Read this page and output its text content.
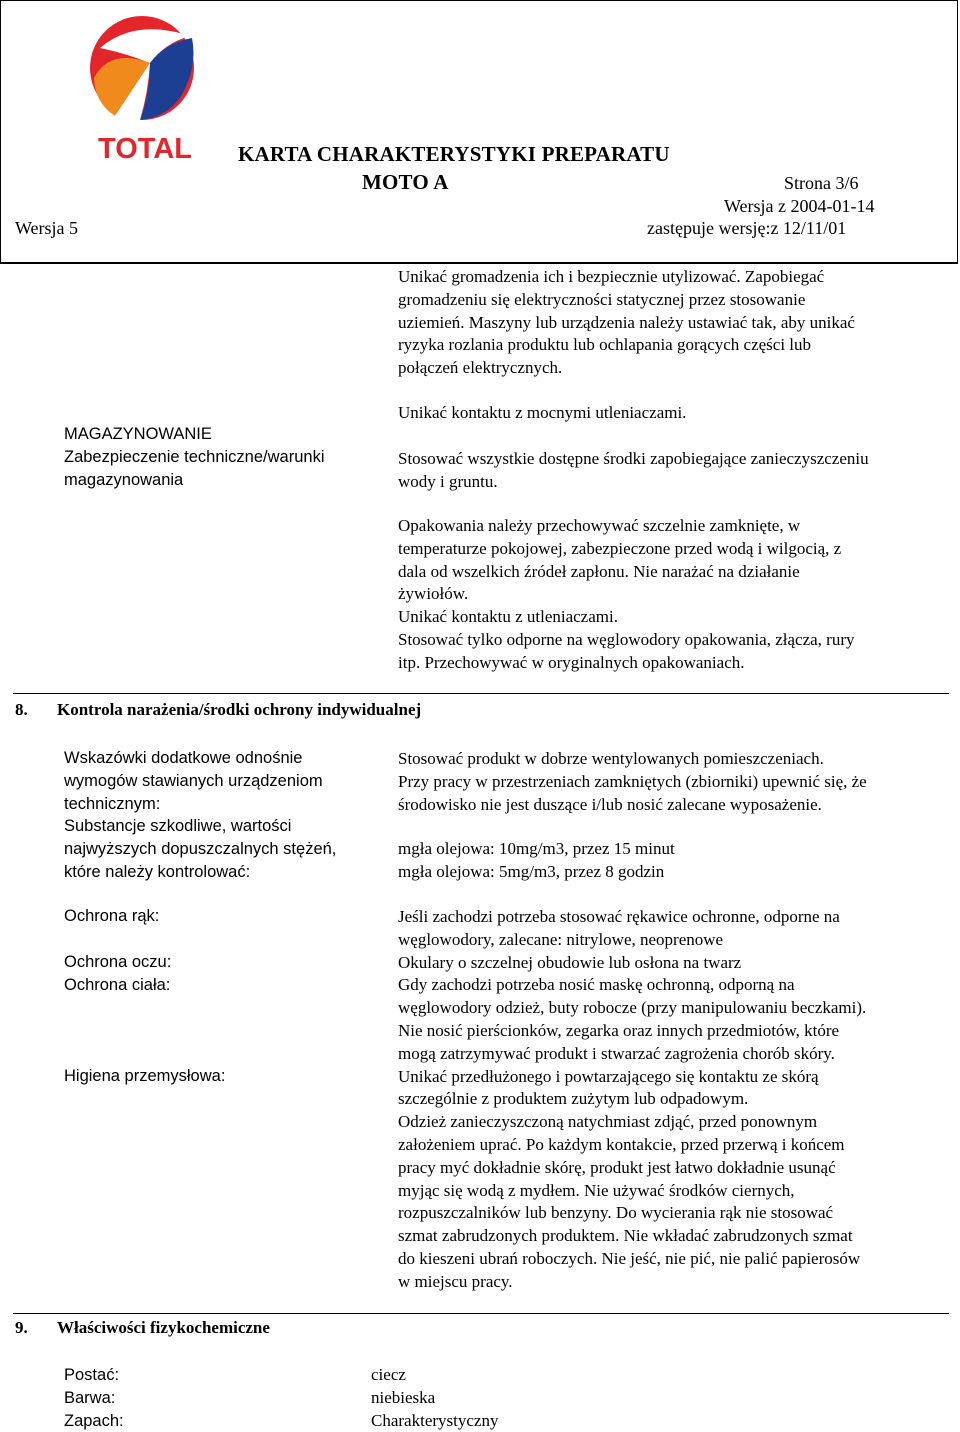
TOTAL KARTA CHARAKTERYSTYKI PREPARATU
MOTO A	Strona 3/6
Wersja z 2004-01-14
Wersja 5	zastępuje wersję:z 12/11/01
Unikać gromadzenia ich i bezpiecznie utylizować. Zapobiegać
gromadzeniu się elektryczności statycznej przez stosowanie
uziemień. Maszyny lub urządzenia należy ustawiać tak, aby unikać
ryzyka rozlania produktu lub ochlapania gorących części lub
połączeń elektrycznych.
MAGAZYNOWANIE
Zabezpieczenie techniczne/warunki
magazynowania
Unikać kontaktu z mocnymi utleniaczami.
Stosować wszystkie dostępne środki zapobiegające zanieczyszczeniu
wody i gruntu.
Opakowania należy przechowywać szczelnie zamknięte, w
temperaturze pokojowej, zabezpieczone przed wodą i wilgocią, z
dala od wszelkich źródeł zapłonu. Nie narażać na działanie
żywiołów.
Unikać kontaktu z utleniaczami.
Stosować tylko odporne na węglowodory opakowania, złącza, rury
itp. Przechowywać w oryginalnych opakowaniach.
8. Kontrola narażenia/środki ochrony indywidualnej
Wskazówki dodatkowe odnośnie
wymogów stawianych urządzeniom
technicznym:
Substancje szkodliwe, wartości
najwyższych dopuszczalnych stężeń,
które należy kontrolować:
Ochrona rąk:
Ochrona oczu:
Ochrona ciała:
Higiena przemysłowa:
Stosować produkt w dobrze wentylowanych pomieszczeniach.
Przy pracy w przestrzeniach zamkniętych (zbiorniki) upewnić się, że
środowisko nie jest duszące i/lub nosić zalecane wyposażenie.
mgła olejowa: 10mg/m3, przez 15 minut
mgła olejowa: 5mg/m3, przez 8 godzin
Jeśli zachodzi potrzeba stosować rękawice ochronne, odporne na
węglowodory, zalecane: nitrylowe, neoprenowe
Okulary o szczelnej obudowie lub osłona na twarz
Gdy zachodzi potrzeba nosić maskę ochronną, odporną na
węglowodory odzież, buty robocze (przy manipulowaniu beczkami).
Nie nosić pierścionków, zegarka oraz innych przedmiotów, które
mogą zatrzymywać produkt i stwarzać zagrożenia chorób skóry.
Unikać przedłużonego i powtarzającego się kontaktu ze skórą
szczególnie z produktem zużytym lub odpadowym.
Odzież zanieczyszczoną natychmiast zdjąć, przed ponownym
założeniem uprać. Po każdym kontakcie, przed przerwą i końcem
pracy myć dokładnie skórę, produkt jest łatwo dokładnie usunąć
myjąc się wodą z mydłem. Nie używać środków ciernych,
rozpuszczalników lub benzyny. Do wycierania rąk nie stosować
szmat zabrudzonych produktem. Nie wkładać zabrudzonych szmat
do kieszeni ubrań roboczych. Nie jeść, nie pić, nie palić papierosów
w miejscu pracy.
9. Właściwości fizykochemiczne
Postać:
Barwa:
Zapach:
ciecz
niebieska
Charakterystyczny
